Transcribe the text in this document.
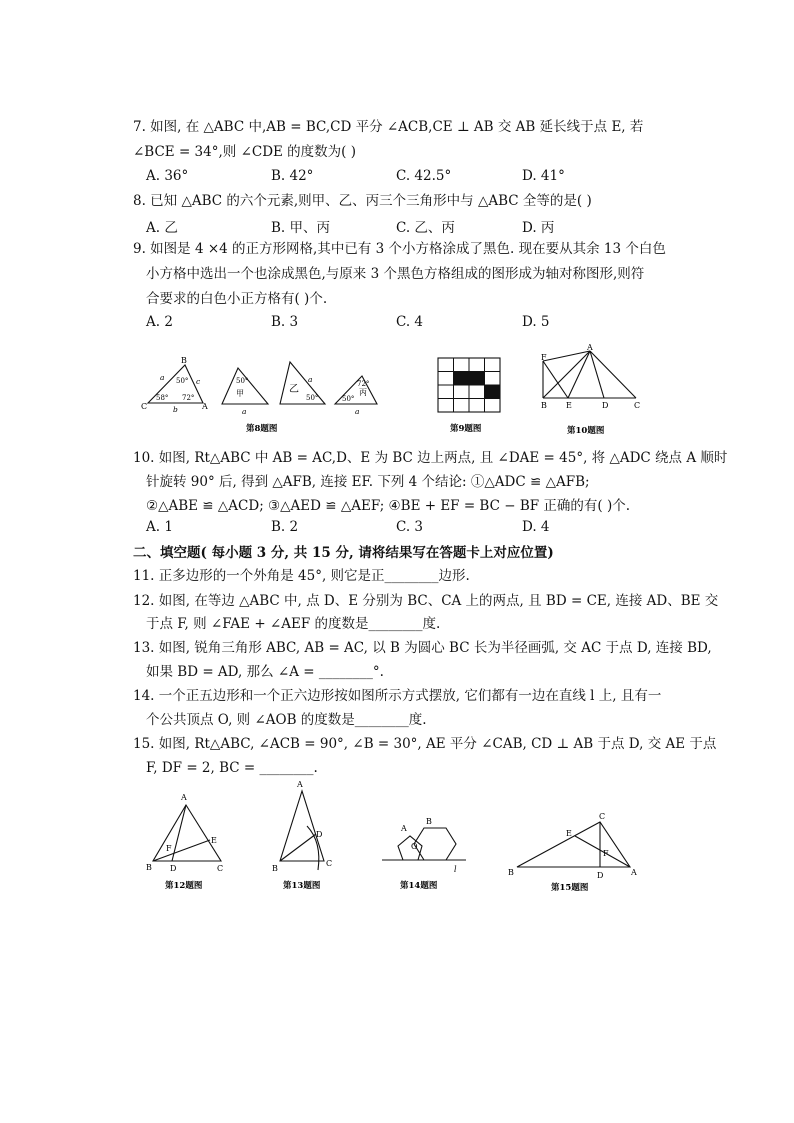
7. 如图, 在 △ABC 中,AB = BC,CD 平分 ∠ACB,CE ⊥ AB 交 AB 延长线于点 E, 若
∠BCE = 34°,则 ∠CDE 的度数为( )
A. 36°	B. 42°	C. 42.5°	D. 41°
8. 已知 △ABC 的六个元素,则甲、乙、丙三个三角形中与 △ABC 全等的是( )
A. 乙	B. 甲、丙	C. 乙、丙	D. 丙
9. 如图是 4 ×4 的正方形网格,其中已有 3 个小方格涂成了黑色. 现在要从其余 13 个白色
小方格中选出一个也涂成黑色,与原来 3 个黑色方格组成的图形成为轴对称图形,则符
合要求的白色小正方格有( )个.
A. 2	B. 3	C. 4	D. 5
B
C	A
a	c
b
50°
58° 72°
50°
甲
a
乙
50°
a	72°
丙
50°
a
第8题图	第9题图
F
A
B E	D	C
第10题图
10. 如图, Rt△ABC 中 AB = AC,D、E 为 BC 边上两点, 且 ∠DAE = 45°, 将 △ADC 绕点 A 顺时
针旋转 90° 后, 得到 △AFB, 连接 EF. 下列 4 个结论: ①△ADC ≌ △AFB;
②△ABE ≌ △ACD; ③△AED ≌ △AEF; ④BE + EF = BC − BF 正确的有( )个.
A. 1	B. 2	C. 3	D. 4
二、填空题( 每小题 3 分, 共 15 分, 请将结果写在答题卡上对应位置)
11. 正多边形的一个外角是 45°, 则它是正________边形.
12. 如图, 在等边 △ABC 中, 点 D、E 分别为 BC、CA 上的两点, 且 BD = CE, 连接 AD、BE 交
于点 F, 则 ∠FAE + ∠AEF 的度数是________度.
13. 如图, 锐角三角形 ABC, AB = AC, 以 B 为圆心 BC 长为半径画弧, 交 AC 于点 D, 连接 BD,
如果 BD = AD, 那么 ∠A = ________°.
14. 一个正五边形和一个正六边形按如图所示方式摆放, 它们都有一边在直线 l 上, 且有一
个公共顶点 O, 则 ∠AOB 的度数是________度.
15. 如图, Rt△ABC, ∠ACB = 90°, ∠B = 30°, AE 平分 ∠CAB, CD ⊥ AB 于点 D, 交 AE 于点
F, DF = 2, BC = ________.
A
E
F
B D	C
第12题图
A
D
B
C
第13题图
A
B
O
l
第14题图
C
E
F
B	D	A
第15题图
